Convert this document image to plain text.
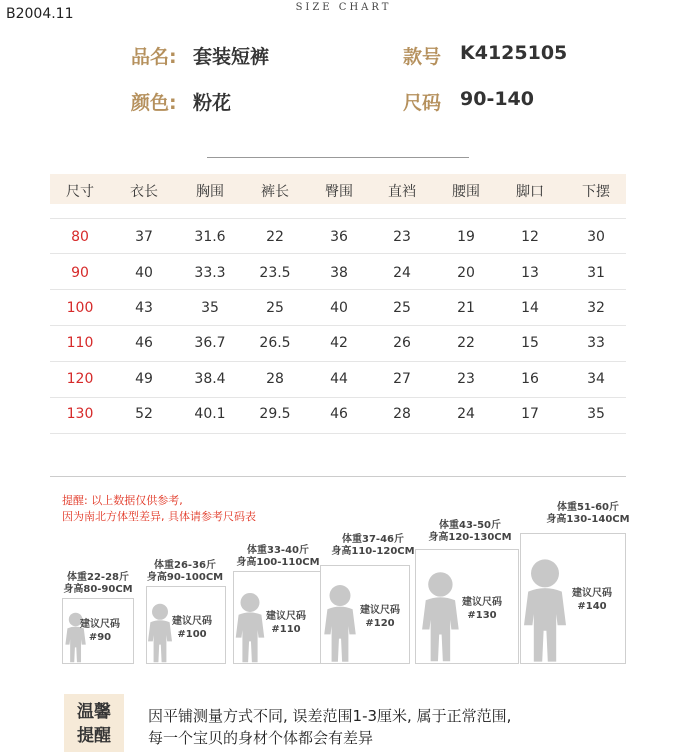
B2004.11	SIZE CHART
品名: 套装短裤	款号 K4125105
颜色: 粉花	尺码 90-140
尺寸	衣长	胸围	裤长	臀围	直裆	腰围	脚口	下摆
80	37	31.6	22	36	23	19	12	30
90	40	33.3	23.5	38	24	20	13	31
100	43	35	25	40	25	21	14	32
110	46	36.7	26.5	42	26	22	15	33
120	49	38.4	28	44	27	23	16	34
130	52	40.1	29.5	46	28	24	17	35
提醒: 以上数据仅供参考,
因为南北方体型差异, 具体请参考尺码表
体重22-28斤
身高80-90CM
建议尺码
#90
体重26-36斤
身高90-100CM
建议尺码
#100
体重33-40斤
身高100-110CM
建议尺码
#110
体重37-46斤
身高110-120CM
建议尺码
#120
体重43-50斤
身高120-130CM
建议尺码
#130
体重51-60斤
身高130-140CM
建议尺码
#140
温馨
提醒
因平铺测量方式不同, 误差范围1-3厘米, 属于正常范围,
每一个宝贝的身材个体都会有差异
